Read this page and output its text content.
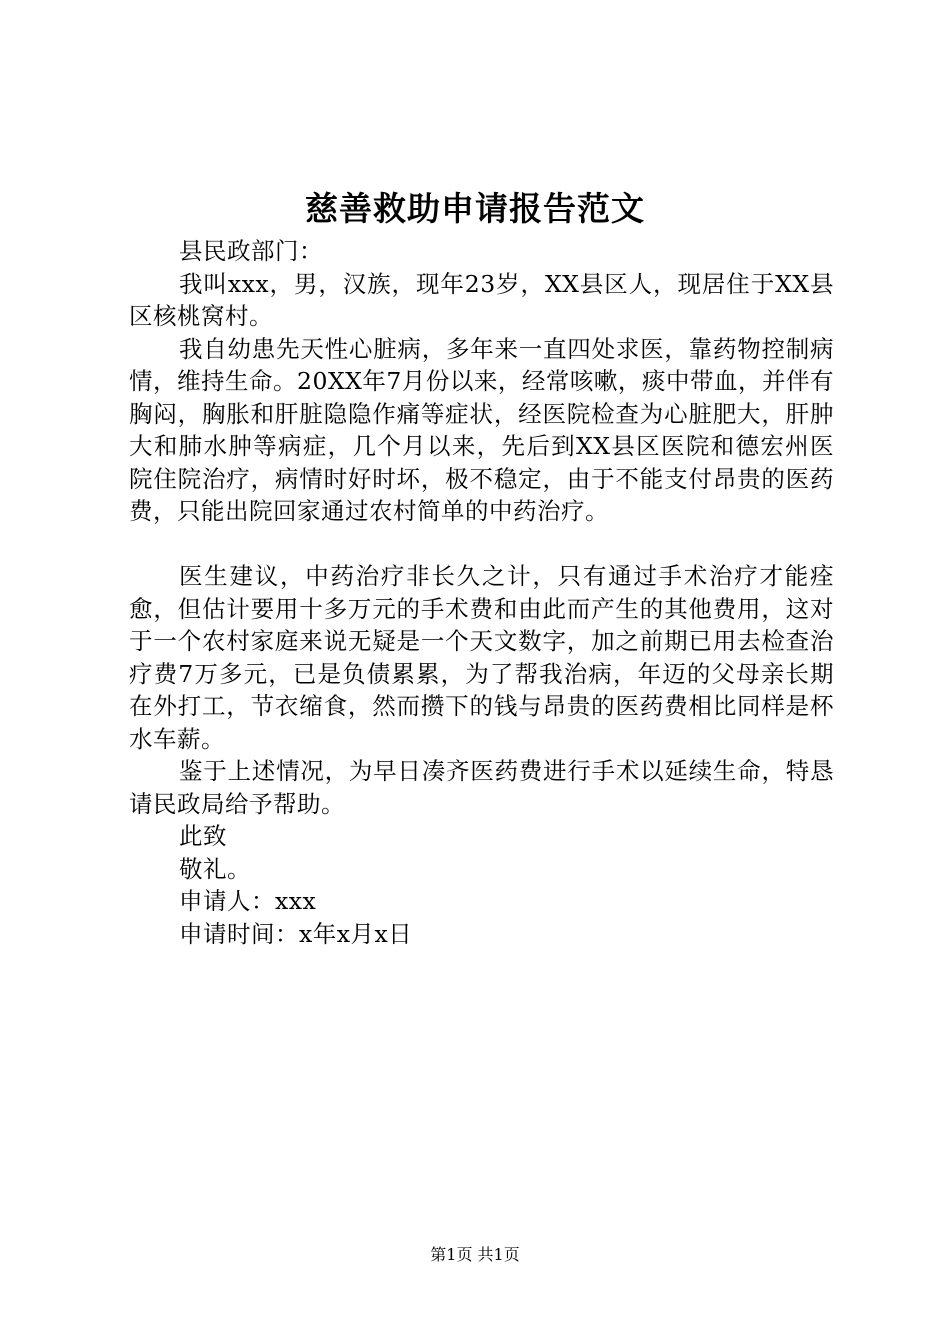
慈善救助申请报告范文

县民政部门：

我叫xxx，男，汉族，现年23岁，XX县区人，现居住于XX县区核桃窝村。

我自幼患先天性心脏病，多年来一直四处求医，靠药物控制病情，维持生命。20XX年7月份以来，经常咳嗽，痰中带血，并伴有胸闷，胸胀和肝脏隐隐作痛等症状，经医院检查为心脏肥大，肝肿大和肺水肿等病症，几个月以来，先后到XX县区医院和德宏州医院住院治疗，病情时好时坏，极不稳定，由于不能支付昂贵的医药费，只能出院回家通过农村简单的中药治疗。

医生建议，中药治疗非长久之计，只有通过手术治疗才能痊愈，但估计要用十多万元的手术费和由此而产生的其他费用，这对于一个农村家庭来说无疑是一个天文数字，加之前期已用去检查治疗费7万多元，已是负债累累，为了帮我治病，年迈的父母亲长期在外打工，节衣缩食，然而攒下的钱与昂贵的医药费相比同样是杯水车薪。

鉴于上述情况，为早日凑齐医药费进行手术以延续生命，特恳请民政局给予帮助。

此致

敬礼。

申请人：xxx

申请时间：x年x月x日

第1页 共1页
